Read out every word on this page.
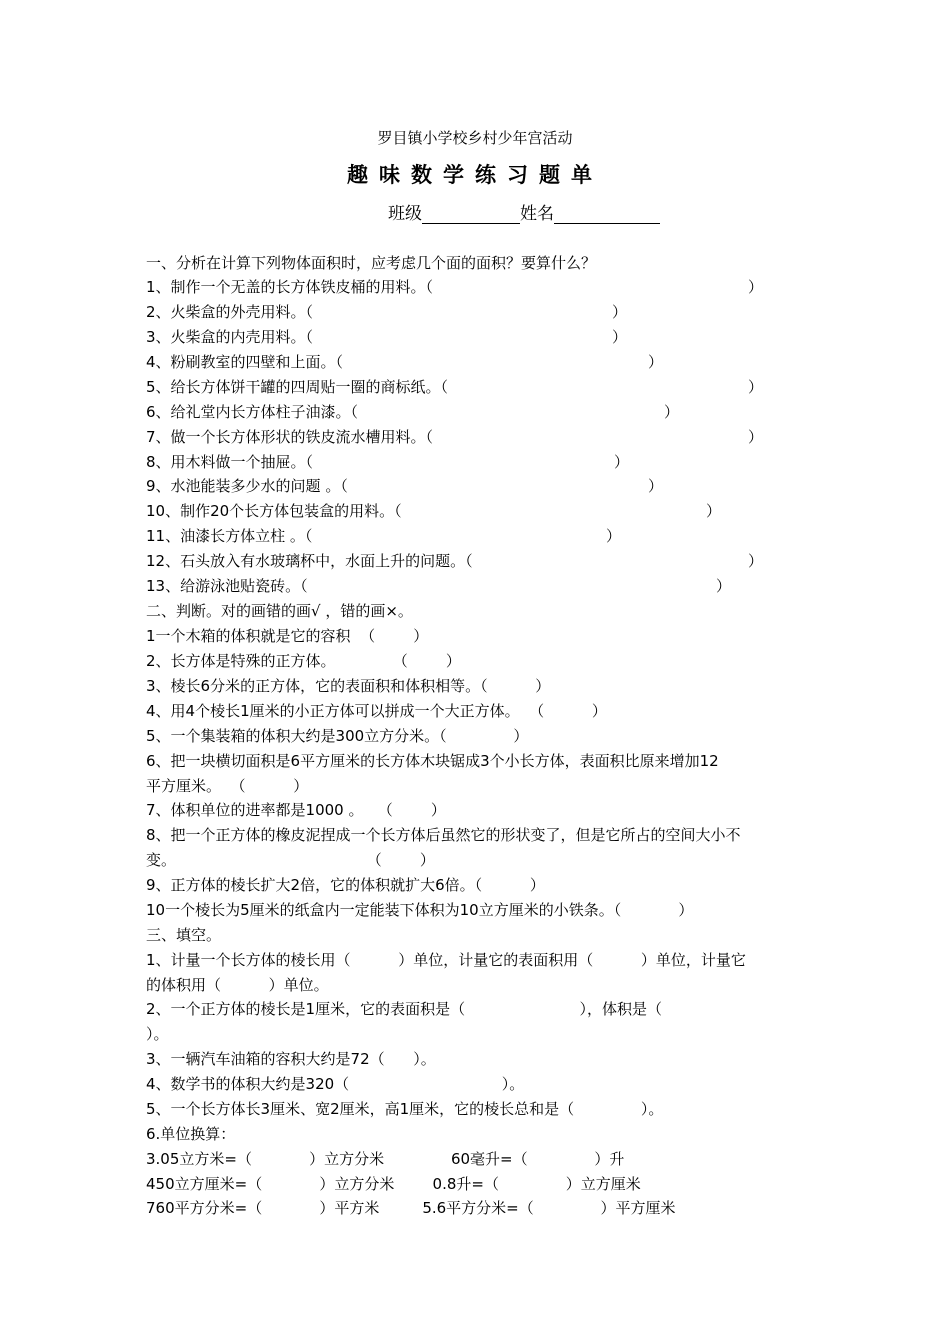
罗目镇小学校乡村少年宫活动
趣味数学练习题单
班级	姓名
一、分析在计算下列物体面积时，应考虑几个面的面积？要算什么？
1、制作一个无盖的长方体铁皮桶的用料。（	）
2、火柴盒的外壳用料。（	）
3、火柴盒的内壳用料。（	）
4、粉刷教室的四壁和上面。（	）
5、给长方体饼干罐的四周贴一圈的商标纸。（	）
6、给礼堂内长方体柱子油漆。（	）
7、做一个长方体形状的铁皮流水槽用料。（	）
8、用木料做一个抽屉。（	）
9、水池能装多少水的问题 。（	）
10、制作20个长方体包装盒的用料。（	）
11、油漆长方体立柱 。（	）
12、石头放入有水玻璃杯中，水面上升的问题。（	）
13、给游泳池贴瓷砖。（	）
二、判断。对的画错的画√ ，错的画×。
1一个木箱的体积就是它的容积  （        ）
2、长方体是特殊的正方体。            （        ）
3、棱长6分米的正方体，它的表面积和体积相等。（          ）
4、用4个棱长1厘米的小正方体可以拼成一个大正方体。  （          ）
5、一个集装箱的体积大约是300立方分米。（              ）
6、把一块横切面积是6平方厘米的长方体木块锯成3个小长方体，表面积比原来增加12
平方厘米。  （          ）
7、体积单位的进率都是1000 。   （        ）
8、把一个正方体的橡皮泥捏成一个长方体后虽然它的形状变了，但是它所占的空间大小不
变。                                        （        ）
9、正方体的棱长扩大2倍，它的体积就扩大6倍。（          ）
10一个棱长为5厘米的纸盒内一定能装下体积为10立方厘米的小铁条。（            ）
三、填空。
1、计量一个长方体的棱长用（          ）单位，计量它的表面积用（          ）单位，计量它
的体积用（          ）单位。
2、一个正方体的棱长是1厘米，它的表面积是（                        ），体积是（
）。
3、一辆汽车油箱的容积大约是72（      ）。
4、数学书的体积大约是320（                                ）。
5、一个长方体长3厘米、宽2厘米，高1厘米，它的棱长总和是（              ）。
6.单位换算：
3.05立方米=（            ）立方分米              60毫升=（              ）升
450立方厘米=（            ）立方分米        0.8升=（              ）立方厘米
760平方分米=（            ）平方米         5.6平方分米=（              ）平方厘米
